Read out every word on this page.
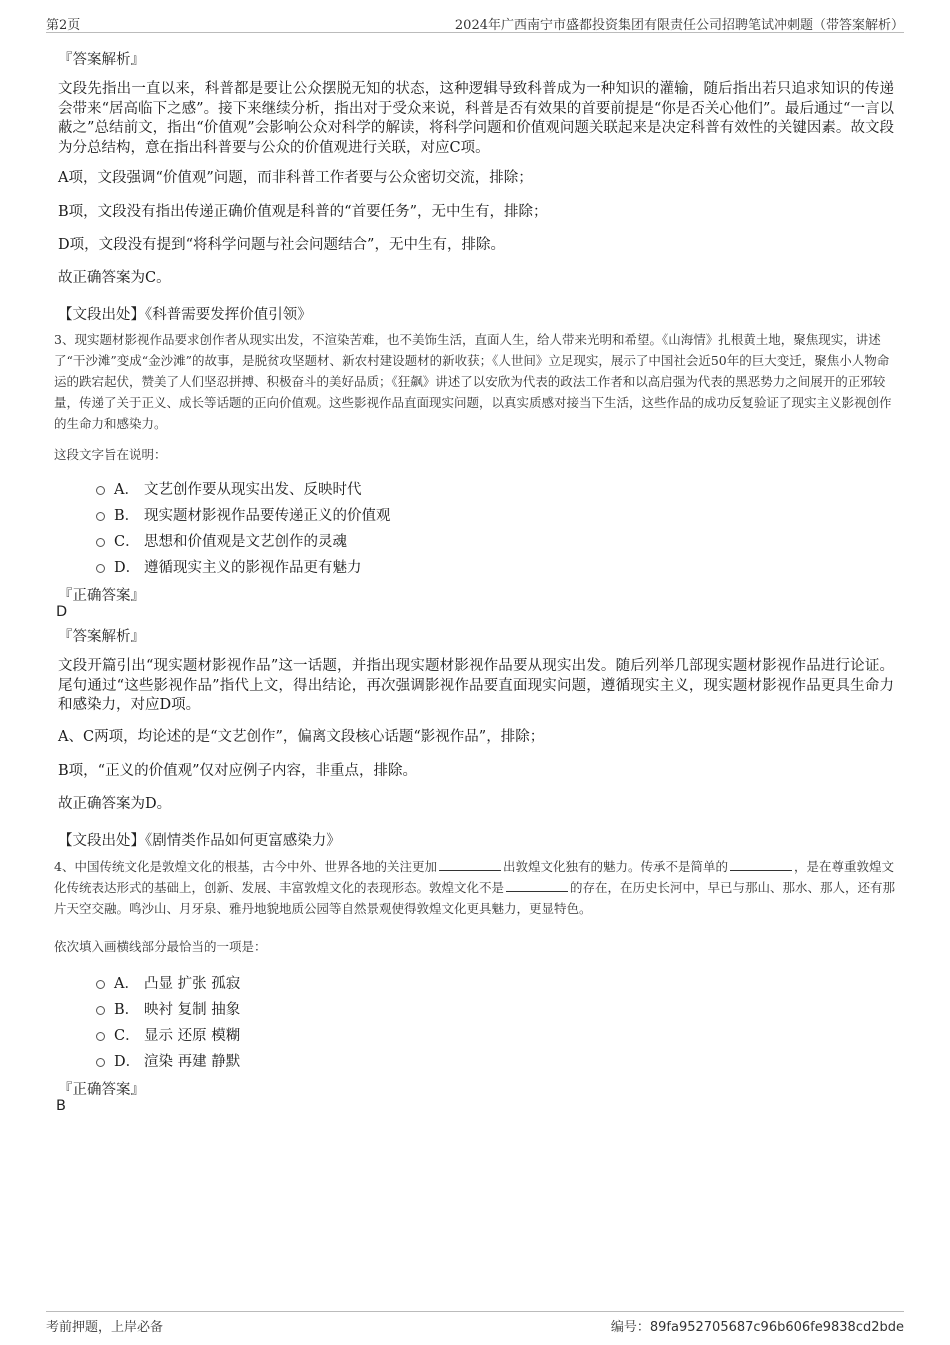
第2页	2024年广西南宁市盛都投资集团有限责任公司招聘笔试冲刺题（带答案解析）
『答案解析』

文段先指出一直以来，科普都是要让公众摆脱无知的状态，这种逻辑导致科普成为一种知识的灌输，随后指出若只追求知识的传递会带来“居高临下之感”。接下来继续分析，指出对于受众来说，科普是否有效果的首要前提是“你是否关心他们”。最后通过“一言以蔽之”总结前文，指出“价值观”会影响公众对科学的解读，将科学问题和价值观问题关联起来是决定科普有效性的关键因素。故文段为分总结构，意在指出科普要与公众的价值观进行关联，对应C项。

A项，文段强调“价值观”问题，而非科普工作者要与公众密切交流，排除；

B项，文段没有指出传递正确价值观是科普的“首要任务”，无中生有，排除；

D项，文段没有提到“将科学问题与社会问题结合”，无中生有，排除。

故正确答案为C。

【文段出处】《科普需要发挥价值引领》

3、现实题材影视作品要求创作者从现实出发，不渲染苦难，也不美饰生活，直面人生，给人带来光明和希望。《山海情》扎根黄土地，聚焦现实，讲述了“干沙滩”变成“金沙滩”的故事，是脱贫攻坚题材、新农村建设题材的新收获；《人世间》立足现实，展示了中国社会近50年的巨大变迁，聚焦小人物命运的跌宕起伏，赞美了人们坚忍拼搏、积极奋斗的美好品质；《狂飙》讲述了以安欣为代表的政法工作者和以高启强为代表的黑恶势力之间展开的正邪较量，传递了关于正义、成长等话题的正向价值观。这些影视作品直面现实问题，以真实质感对接当下生活，这些作品的成功反复验证了现实主义影视创作的生命力和感染力。

这段文字旨在说明：
A． 文艺创作要从现实出发、反映时代
B． 现实题材影视作品要传递正义的价值观
C． 思想和价值观是文艺创作的灵魂
D． 遵循现实主义的影视作品更有魅力
『正确答案』
D
『答案解析』

文段开篇引出“现实题材影视作品”这一话题，并指出现实题材影视作品要从现实出发。随后列举几部现实题材影视作品进行论证。尾句通过“这些影视作品”指代上文，得出结论，再次强调影视作品要直面现实问题，遵循现实主义，现实题材影视作品更具生命力和感染力，对应D项。

A、C两项，均论述的是“文艺创作”，偏离文段核心话题“影视作品”，排除；

B项，“正义的价值观”仅对应例子内容，非重点，排除。

故正确答案为D。

【文段出处】《剧情类作品如何更富感染力》

4、中国传统文化是敦煌文化的根基，古今中外、世界各地的关注更加	出敦煌文化独有的魅力。传承不是简单的	，是在尊重敦煌文化传统表达形式的基础上，创新、发展、丰富敦煌文化的表现形态。敦煌文化不是	的存在，在历史长河中，早已与那山、那水、那人，还有那片天空交融。鸣沙山、月牙泉、雅丹地貌地质公园等自然景观使得敦煌文化更具魅力，更显特色。

依次填入画横线部分最恰当的一项是：
A． 凸显 扩张 孤寂
B． 映衬 复制 抽象
C． 显示 还原 模糊
D． 渲染 再建 静默
『正确答案』
B
考前押题，上岸必备	编号：89fa952705687c96b606fe9838cd2bde
